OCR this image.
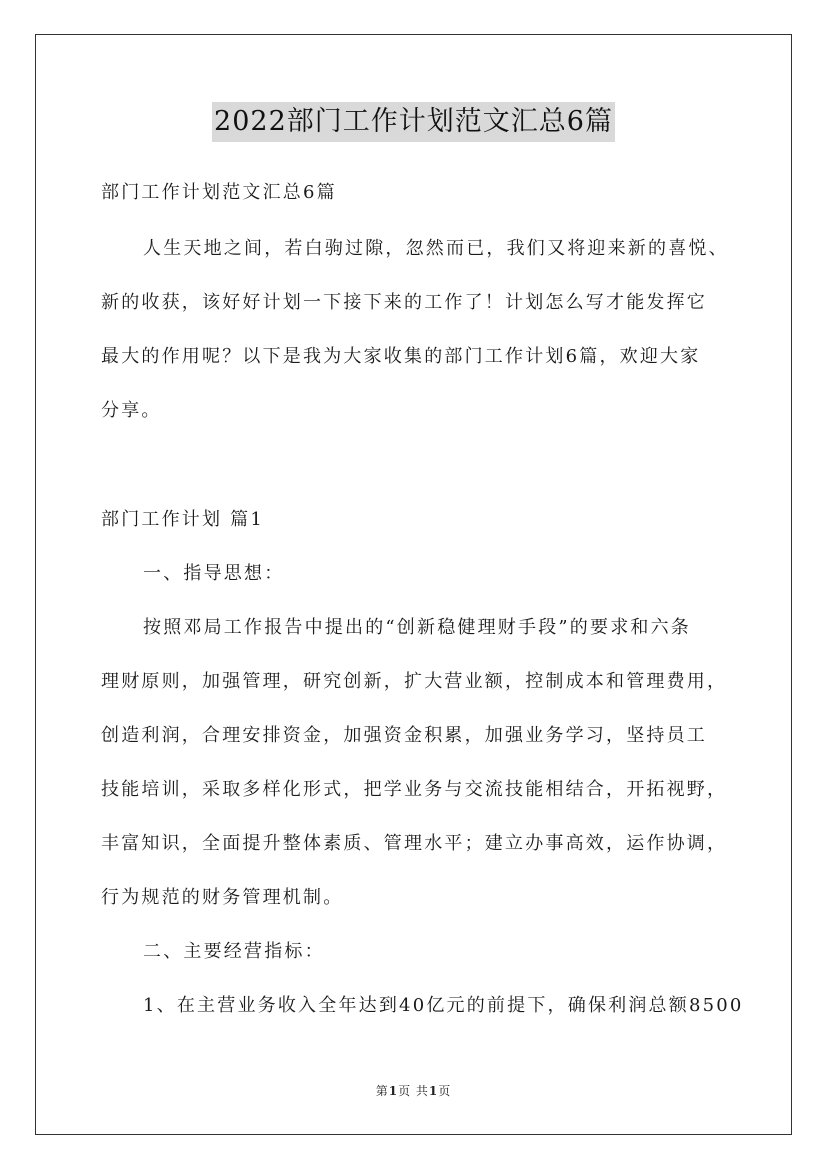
2022部门工作计划范文汇总6篇
部门工作计划范文汇总6篇
人生天地之间，若白驹过隙，忽然而已，我们又将迎来新的喜悦、
新的收获，该好好计划一下接下来的工作了！计划怎么写才能发挥它
最大的作用呢？以下是我为大家收集的部门工作计划6篇，欢迎大家
分享。
部门工作计划 篇1
一、指导思想：
按照邓局工作报告中提出的“创新稳健理财手段”的要求和六条
理财原则，加强管理，研究创新，扩大营业额，控制成本和管理费用，
创造利润，合理安排资金，加强资金积累，加强业务学习，坚持员工
技能培训，采取多样化形式，把学业务与交流技能相结合，开拓视野，
丰富知识，全面提升整体素质、管理水平；建立办事高效，运作协调，
行为规范的财务管理机制。
二、主要经营指标：
1、在主营业务收入全年达到40亿元的前提下，确保利润总额8500
第1页 共1页
